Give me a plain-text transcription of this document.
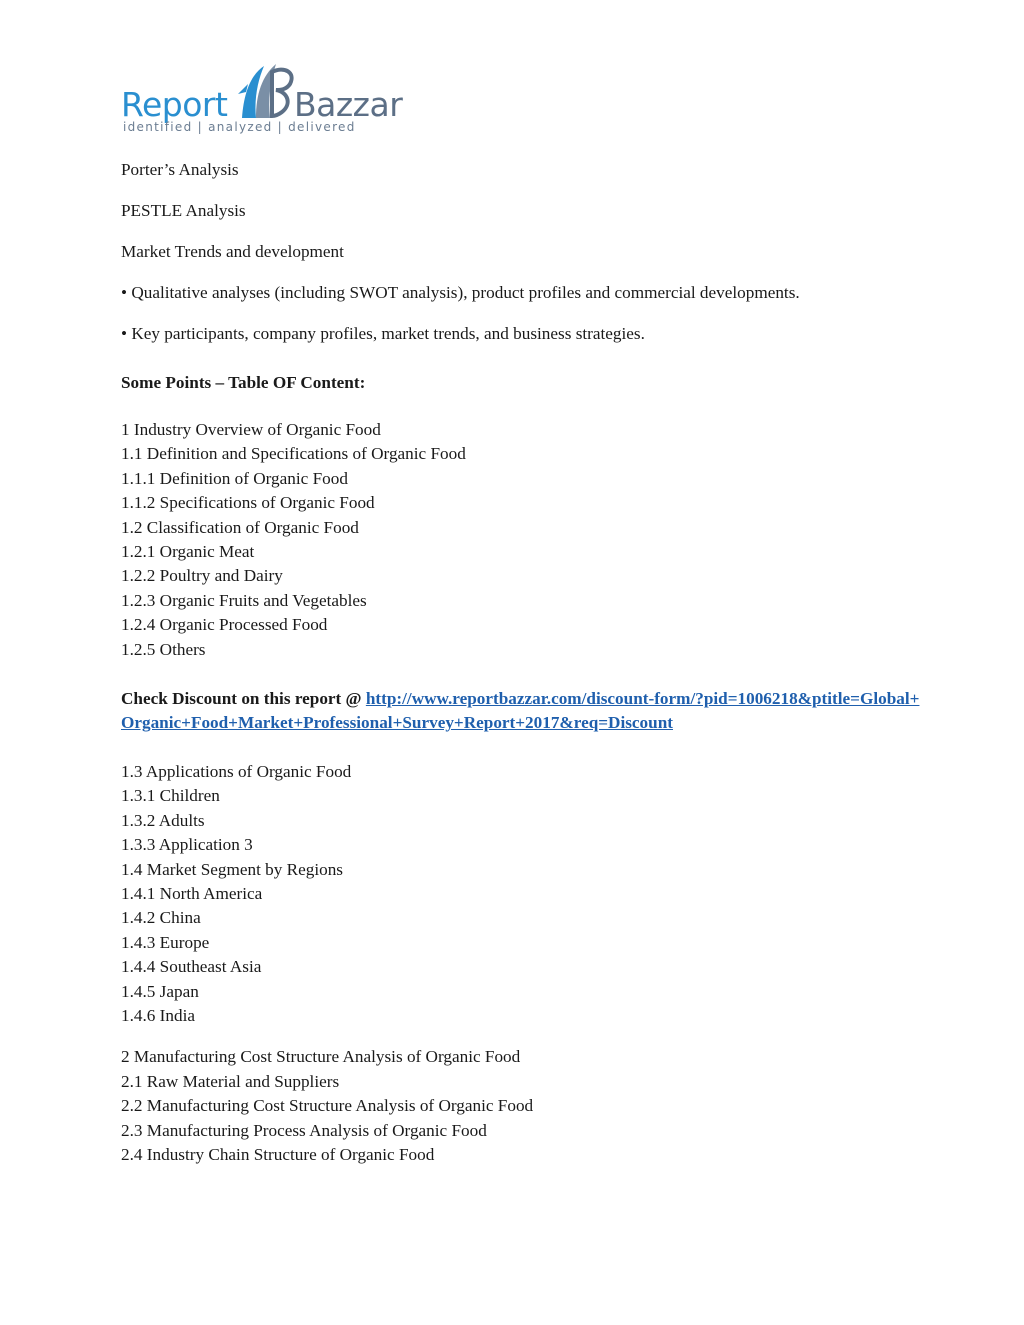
Report Bazzar
identified | analyzed | delivered

Porter’s Analysis

PESTLE Analysis

Market Trends and development

• Qualitative analyses (including SWOT analysis), product profiles and commercial developments.

• Key participants, company profiles, market trends, and business strategies.

Some Points – Table OF Content:

1 Industry Overview of Organic Food
1.1 Definition and Specifications of Organic Food
1.1.1 Definition of Organic Food
1.1.2 Specifications of Organic Food
1.2 Classification of Organic Food
1.2.1 Organic Meat
1.2.2 Poultry and Dairy
1.2.3 Organic Fruits and Vegetables
1.2.4 Organic Processed Food
1.2.5 Others

Check Discount on this report @ http://www.reportbazzar.com/discount-form/?pid=1006218&ptitle=Global+Organic+Food+Market+Professional+Survey+Report+2017&req=Discount

1.3 Applications of Organic Food
1.3.1 Children
1.3.2 Adults
1.3.3 Application 3
1.4 Market Segment by Regions
1.4.1 North America
1.4.2 China
1.4.3 Europe
1.4.4 Southeast Asia
1.4.5 Japan
1.4.6 India
2 Manufacturing Cost Structure Analysis of Organic Food
2.1 Raw Material and Suppliers
2.2 Manufacturing Cost Structure Analysis of Organic Food
2.3 Manufacturing Process Analysis of Organic Food
2.4 Industry Chain Structure of Organic Food
